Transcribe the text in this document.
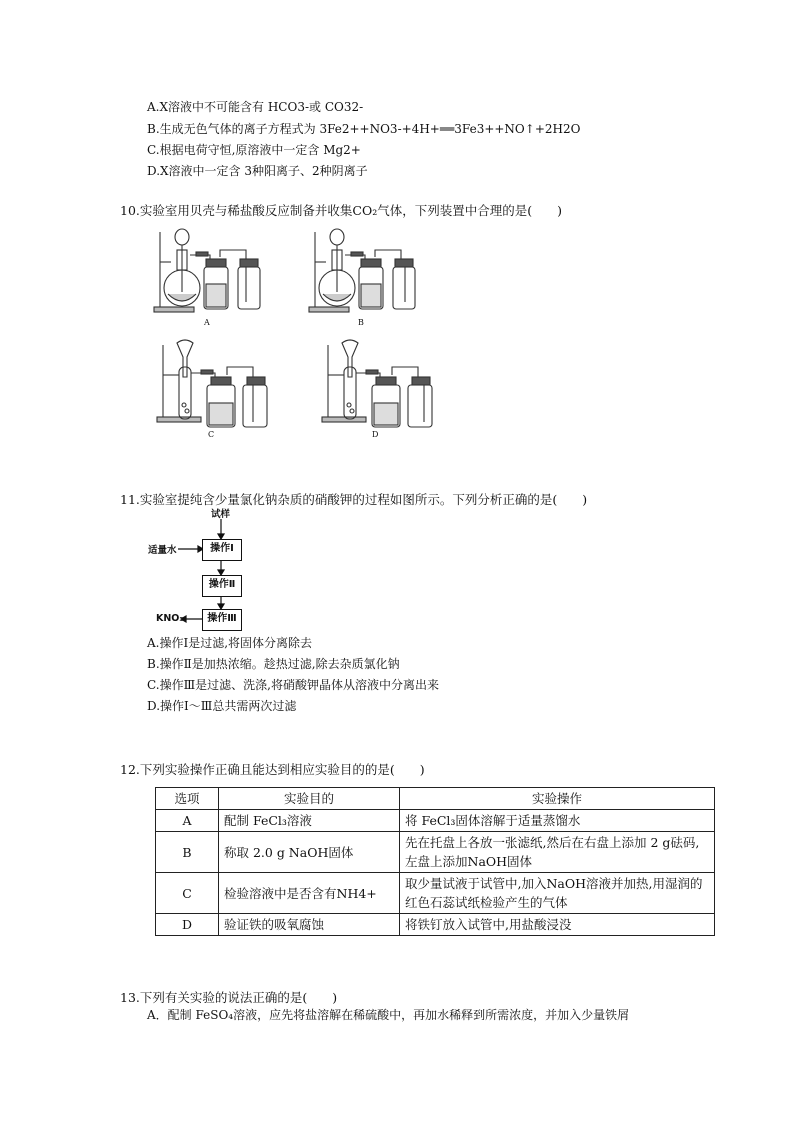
A.X溶液中不可能含有 HCO3-或 CO32-
B.生成无色气体的离子方程式为 3Fe2++NO3-+4H+══3Fe3++NO↑+2H2O
C.根据电荷守恒,原溶液中一定含 Mg2+
D.X溶液中一定含 3种阳离子、2种阴离子
10.实验室用贝壳与稀盐酸反应制备并收集CO₂气体，下列装置中合理的是(　　)
A	B
C	D
11.实验室提纯含少量氯化钠杂质的硝酸钾的过程如图所示。下列分析正确的是(　　)
试样
适量水	操作Ⅰ
操作Ⅱ
操作Ⅲ
KNO₃
A.操作Ⅰ是过滤,将固体分离除去
B.操作Ⅱ是加热浓缩。趁热过滤,除去杂质氯化钠
C.操作Ⅲ是过滤、洗涤,将硝酸钾晶体从溶液中分离出来
D.操作Ⅰ～Ⅲ总共需两次过滤
12.下列实验操作正确且能达到相应实验目的的是(　　)
选项	实验目的	实验操作
A	配制 FeCl₃溶液	将 FeCl₃固体溶解于适量蒸馏水
B	称取 2.0 g NaOH固体	先在托盘上各放一张滤纸,然后在右盘上添加 2 g砝码,左盘上添加NaOH固体
C	检验溶液中是否含有NH4+	取少量试液于试管中,加入NaOH溶液并加热,用湿润的红色石蕊试纸检验产生的气体
D	验证铁的吸氧腐蚀	将铁钉放入试管中,用盐酸浸没
13.下列有关实验的说法正确的是(　　)
A．配制 FeSO₄溶液，应先将盐溶解在稀硫酸中，再加水稀释到所需浓度，并加入少量铁屑
